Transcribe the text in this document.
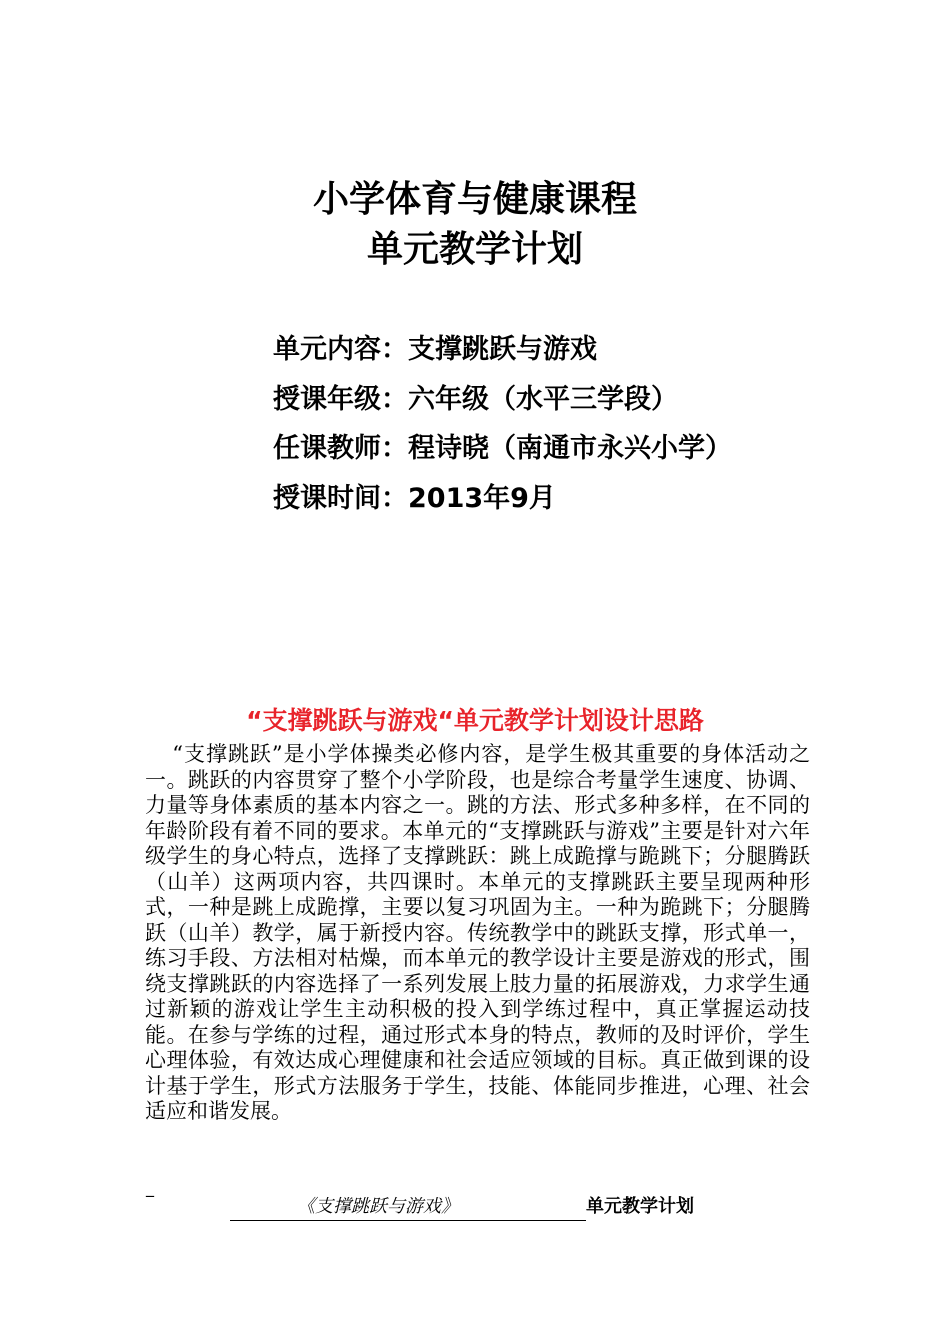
小学体育与健康课程
单元教学计划

单元内容：支撑跳跃与游戏

授课年级：六年级（水平三学段）

任课教师：程诗晓（南通市永兴小学）

授课时间：2013年9月

“支撑跳跃与游戏“单元教学计划设计思路

“支撑跳跃”是小学体操类必修内容，是学生极其重要的身体活动之一。跳跃的内容贯穿了整个小学阶段，也是综合考量学生速度、协调、力量等身体素质的基本内容之一。跳的方法、形式多种多样，在不同的年龄阶段有着不同的要求。本单元的“支撑跳跃与游戏”主要是针对六年级学生的身心特点，选择了支撑跳跃：跳上成跪撑与跪跳下；分腿腾跃（山羊）这两项内容，共四课时。本单元的支撑跳跃主要呈现两种形式，一种是跳上成跪撑，主要以复习巩固为主。一种为跪跳下；分腿腾跃（山羊）教学，属于新授内容。传统教学中的跳跃支撑，形式单一，练习手段、方法相对枯燥，而本单元的教学设计主要是游戏的形式，围绕支撑跳跃的内容选择了一系列发展上肢力量的拓展游戏，力求学生通过新颖的游戏让学生主动积极的投入到学练过程中，真正掌握运动技能。在参与学练的过程，通过形式本身的特点，教师的及时评价，学生心理体验，有效达成心理健康和社会适应领域的目标。真正做到课的设计基于学生，形式方法服务于学生，技能、体能同步推进，心理、社会适应和谐发展。

_

《支撑跳跃与游戏》	单元教学计划
